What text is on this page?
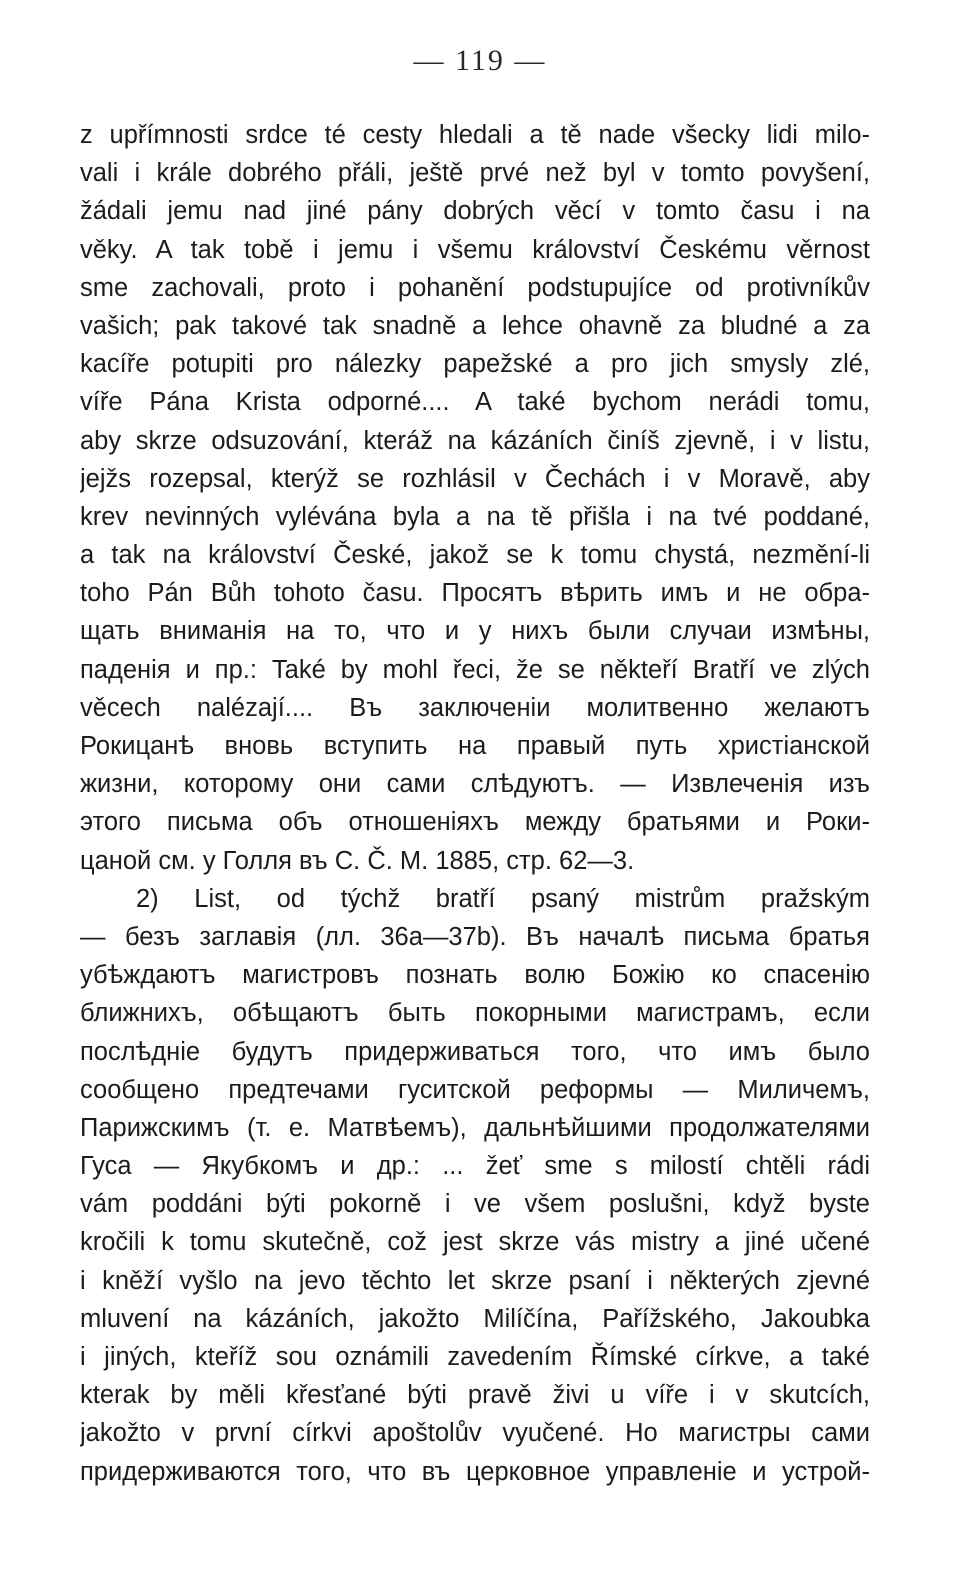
— 119 —
z upřímnosti srdce té cesty hledali a tě nade všecky lidi milo-
vali i krále dobrého přáli, ještě prvé než byl v tomto povyšení,
žádali jemu nad jiné pány dobrých věcí v tomto času i na
věky. A tak tobě i jemu i všemu království Českému věrnost
sme zachovali, proto i pohanění podstupujíce od protivníkův
vašich; pak takové tak snadně a lehce ohavně za bludné a za
kacíře potupiti pro nálezky papežské a pro jich smysly zlé,
víře Pána Krista odporné.... A také bychom nerádi tomu,
aby skrze odsuzování, kteráž na kázáních činíš zjevně, i v listu,
jejžs rozepsal, kterýž se rozhlásil v Čechách i v Moravě, aby
krev nevinných vylévána byla a na tě přišla i na tvé poddané,
a tak na království České, jakož se k tomu chystá, nezmění-li
toho Pán Bůh tohoto času. Просятъ вѣрить имъ и не обра-
щать вниманія на то, что и у нихъ были случаи измѣны,
паденія и пр.: Také by mohl řeci, že se někteří Bratří ve zlých
věcech nalézají.... Въ заключеніи молитвенно желаютъ
Рокицанѣ вновь вступить на правый путь христіанской
жизни, которому они сами слѣдуютъ. — Извлеченія изъ
этого письма объ отношеніяхъ между братьями и Роки-
цаной см. у Голля въ С. Č. M. 1885, стр. 62—3.
2) List, od týchž bratří psaný mistrům pražským
— безъ заглавія (лл. 36a—37b). Въ началѣ письма братья
убѣждаютъ магистровъ познать волю Божію ко спасенію
ближнихъ, обѣщаютъ быть покорными магистрамъ, если
послѣдніе будутъ придерживаться того, что имъ было
сообщено предтечами гуситской реформы — Миличемъ,
Парижскимъ (т. е. Матвѣемъ), дальнѣйшими продолжателями
Гуса — Якубкомъ и др.: ... žeť sme s milostí chtěli rádi
vám poddáni býti pokorně i ve všem poslušni, když byste
kročili k tomu skutečně, což jest skrze vás mistry a jiné učené
i kněží vyšlo na jevo těchto let skrze psaní i některých zjevné
mluvení na kázáních, jakožto Milíčína, Pařížského, Jakoubka
i jiných, kteříž sou oznámili zavedením Římské církve, a také
kterak by měli křesťané býti pravě živi u víře i v skutcích,
jakožto v první církvi apoštolův vyučené. Но магистры сами
придерживаются того, что въ церковное управленіе и устрой-
